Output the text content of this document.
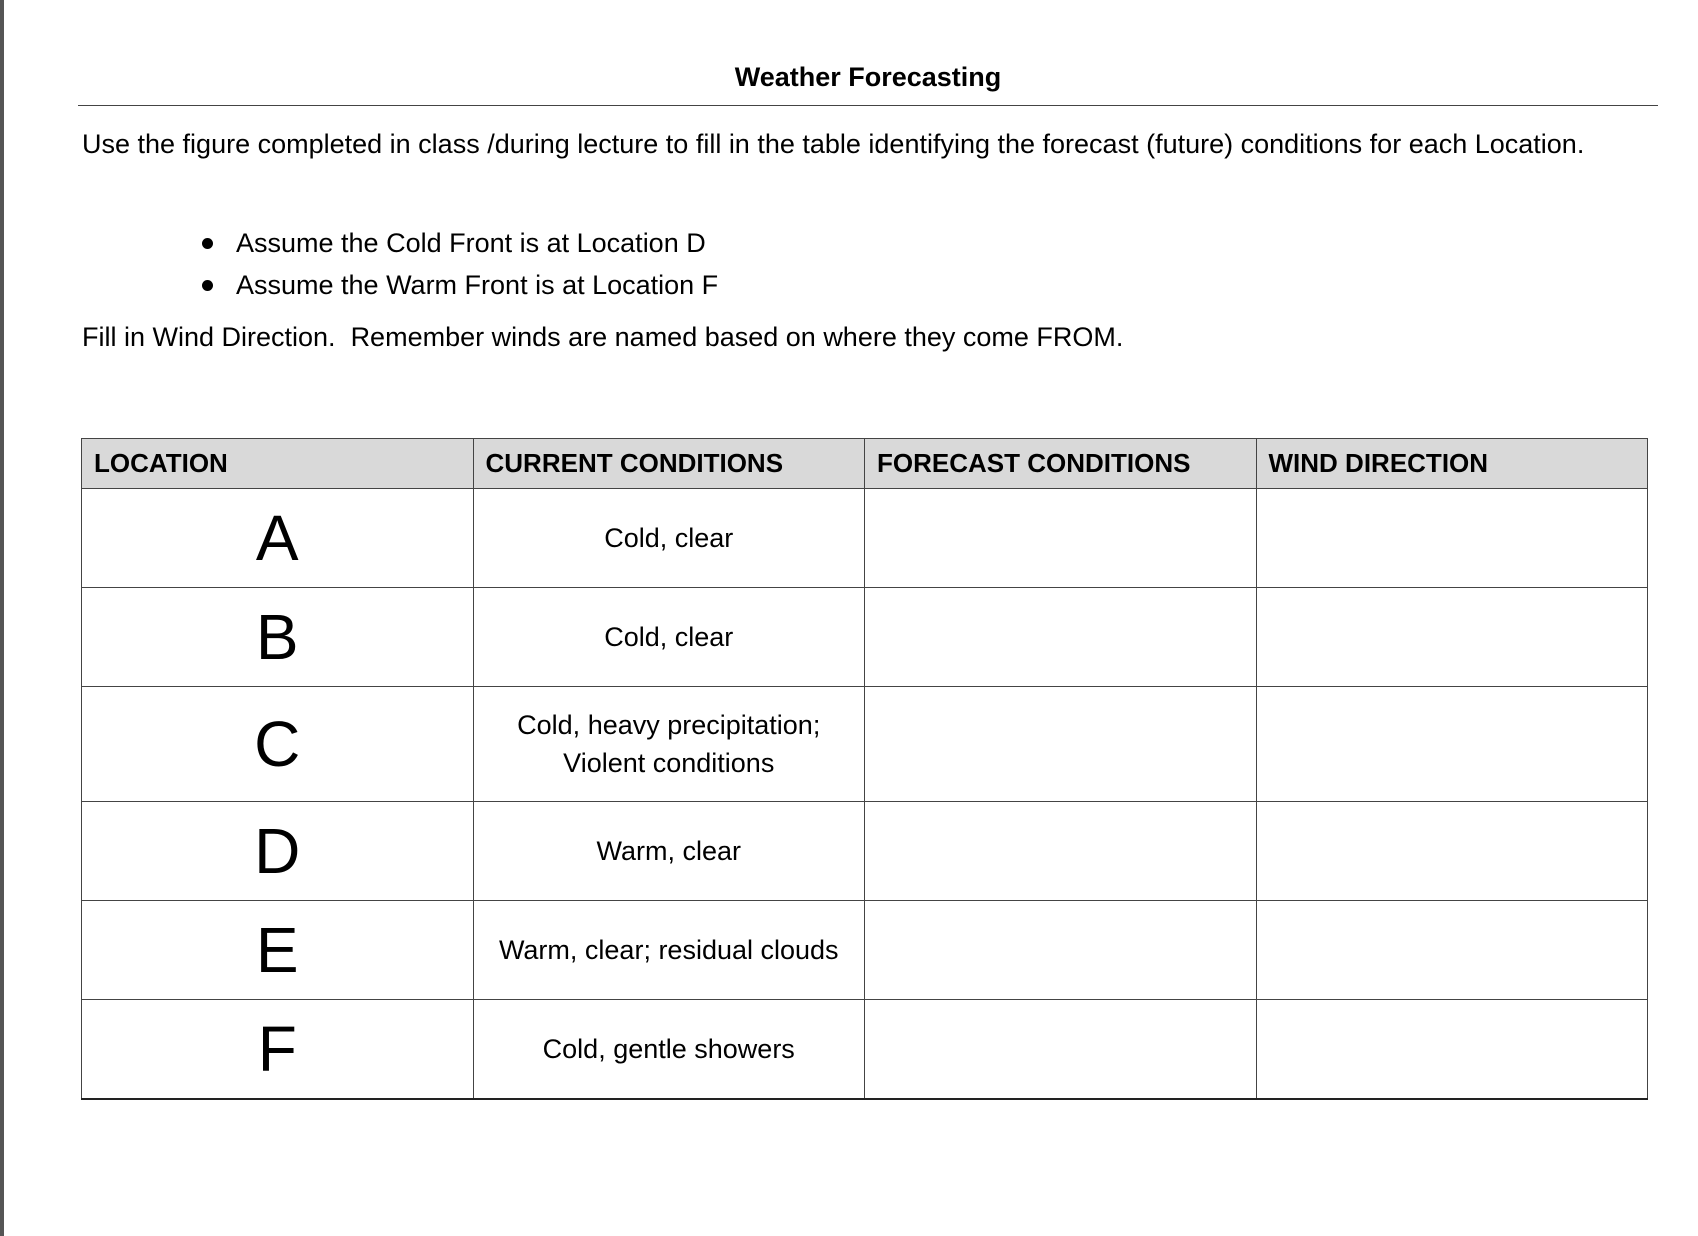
Weather Forecasting

Use the figure completed in class /during lecture to fill in the table identifying the forecast (future) conditions for each Location.

Assume the Cold Front is at Location D
Assume the Warm Front is at Location F

Fill in Wind Direction.  Remember winds are named based on where they come FROM.

LOCATION	CURRENT CONDITIONS	FORECAST CONDITIONS	WIND DIRECTION
A	Cold, clear		

B	Cold, clear		

C	Cold, heavy precipitation;
Violent conditions		

D	Warm, clear		

E	Warm, clear; residual clouds		

F	Cold, gentle showers		
